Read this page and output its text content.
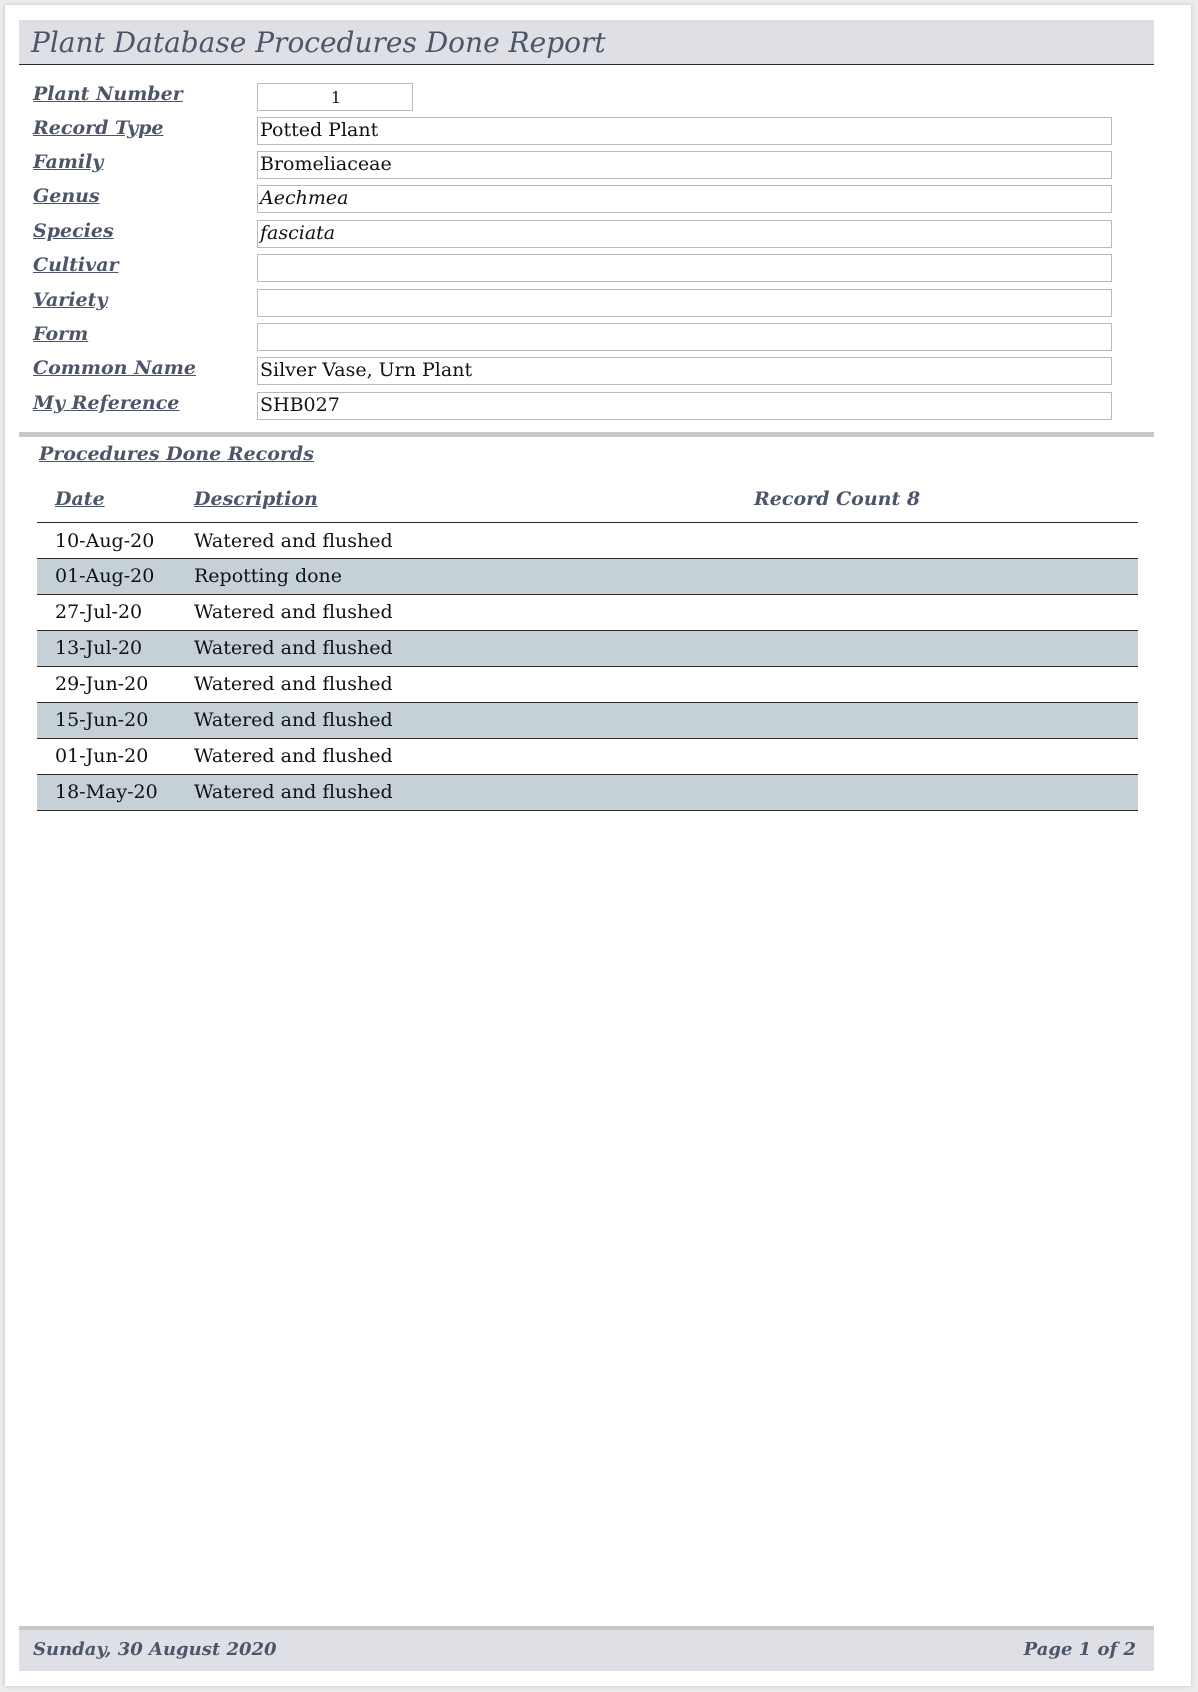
Plant Database Procedures Done Report
Plant Number	1
Record Type	Potted Plant
Family	Bromeliaceae
Genus	Aechmea
Species	fasciata
Cultivar
Variety
Form
Common Name	Silver Vase, Urn Plant
My Reference	SHB027
Procedures Done Records
Date	Description	Record Count 8
10-Aug-20 Watered and flushed
01-Aug-20 Repotting done
27-Jul-20	Watered and flushed
13-Jul-20	Watered and flushed
29-Jun-20 Watered and flushed
15-Jun-20 Watered and flushed
01-Jun-20 Watered and flushed
18-May-20 Watered and flushed
Sunday, 30 August 2020	Page 1 of 2
